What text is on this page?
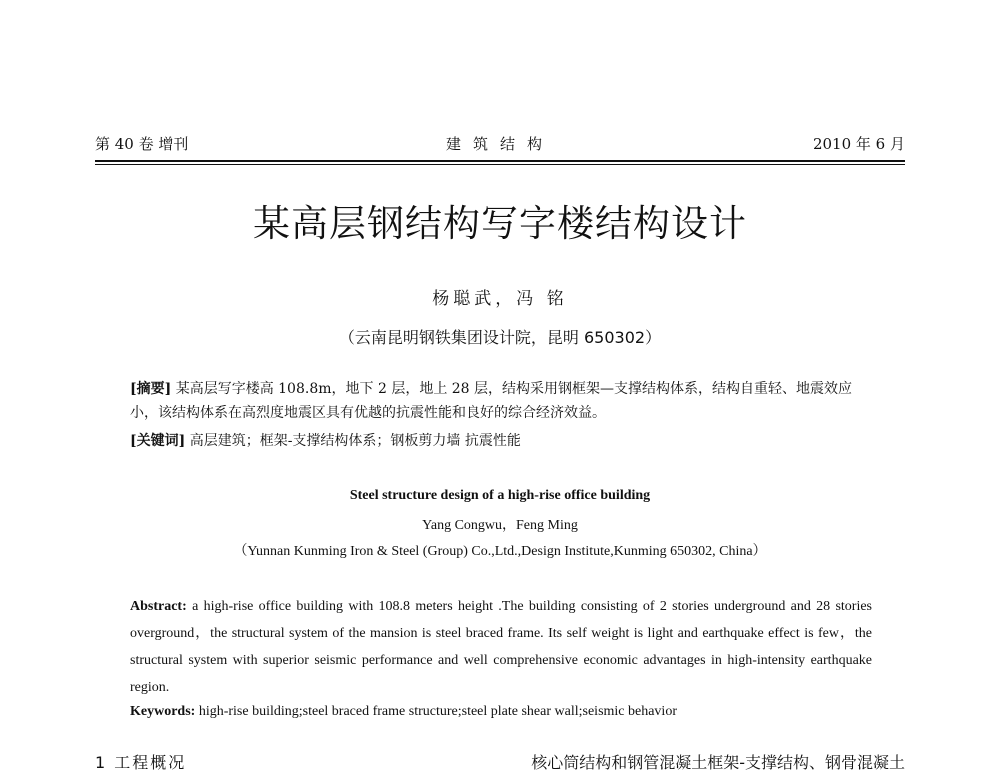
第 40 卷 增刊	建筑结构	2010 年 6 月
某高层钢结构写字楼结构设计
杨聪武，冯 铭
（云南昆明钢铁集团设计院，昆明 650302）
[摘要] 某高层写字楼高 108.8m，地下 2 层，地上 28 层，结构采用钢框架—支撑结构体系，结构自重轻、地震效应小，该结构体系在高烈度地震区具有优越的抗震性能和良好的综合经济效益。
[关键词] 高层建筑；框架-支撑结构体系；钢板剪力墙 抗震性能
Steel structure design of a high-rise office building
Yang Congwu，Feng Ming
（Yunnan Kunming Iron & Steel (Group) Co.,Ltd.,Design Institute,Kunming 650302, China）
Abstract: a high-rise office building with 108.8 meters height .The building consisting of 2 stories underground and 28 stories overground，the structural system of the mansion is steel braced frame. Its self weight is light and earthquake effect is few，the structural system with superior seismic performance and well comprehensive economic advantages in high-intensity earthquake region.
Keywords: high-rise building;steel braced frame structure;steel plate shear wall;seismic behavior
1 工程概况	核心筒结构和钢管混凝土框架-支撑结构、钢骨混凝土
